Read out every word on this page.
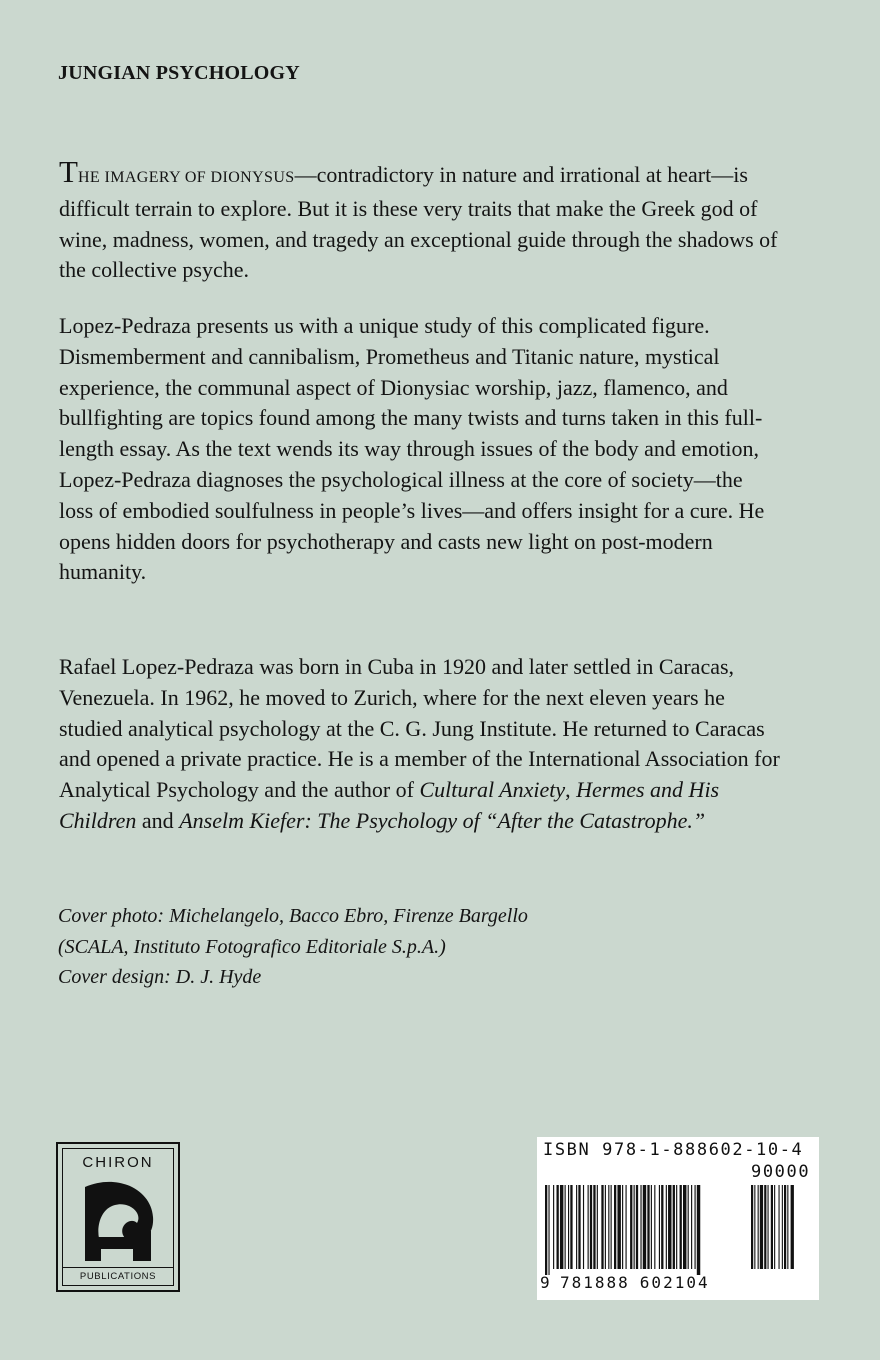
JUNGIAN PSYCHOLOGY

THE IMAGERY OF DIONYSUS—contradictory in nature and irrational at heart—is difficult terrain to explore. But it is these very traits that make the Greek god of wine, madness, women, and tragedy an exceptional guide through the shadows of the collective psyche.

Lopez-Pedraza presents us with a unique study of this complicated figure. Dismemberment and cannibalism, Prometheus and Titanic nature, mystical experience, the communal aspect of Dionysiac worship, jazz, flamenco, and bullfighting are topics found among the many twists and turns taken in this full-length essay. As the text wends its way through issues of the body and emotion, Lopez-Pedraza diagnoses the psychological illness at the core of society—the loss of embodied soulfulness in people’s lives—and offers insight for a cure. He opens hidden doors for psychotherapy and casts new light on post-modern humanity.

Rafael Lopez-Pedraza was born in Cuba in 1920 and later settled in Caracas, Venezuela. In 1962, he moved to Zurich, where for the next eleven years he studied analytical psychology at the C. G. Jung Institute. He returned to Caracas and opened a private practice. He is a member of the International Association for Analytical Psychology and the author of Cultural Anxiety, Hermes and His Children and Anselm Kiefer: The Psychology of “After the Catastrophe.”

Cover photo: Michelangelo, Bacco Ebro, Firenze Bargello
(SCALA, Instituto Fotografico Editoriale S.p.A.)
Cover design: D. J. Hyde
CHIRON
PUBLICATIONS
ISBN 978-1-888602-10-4
90000
9 781888 602104
